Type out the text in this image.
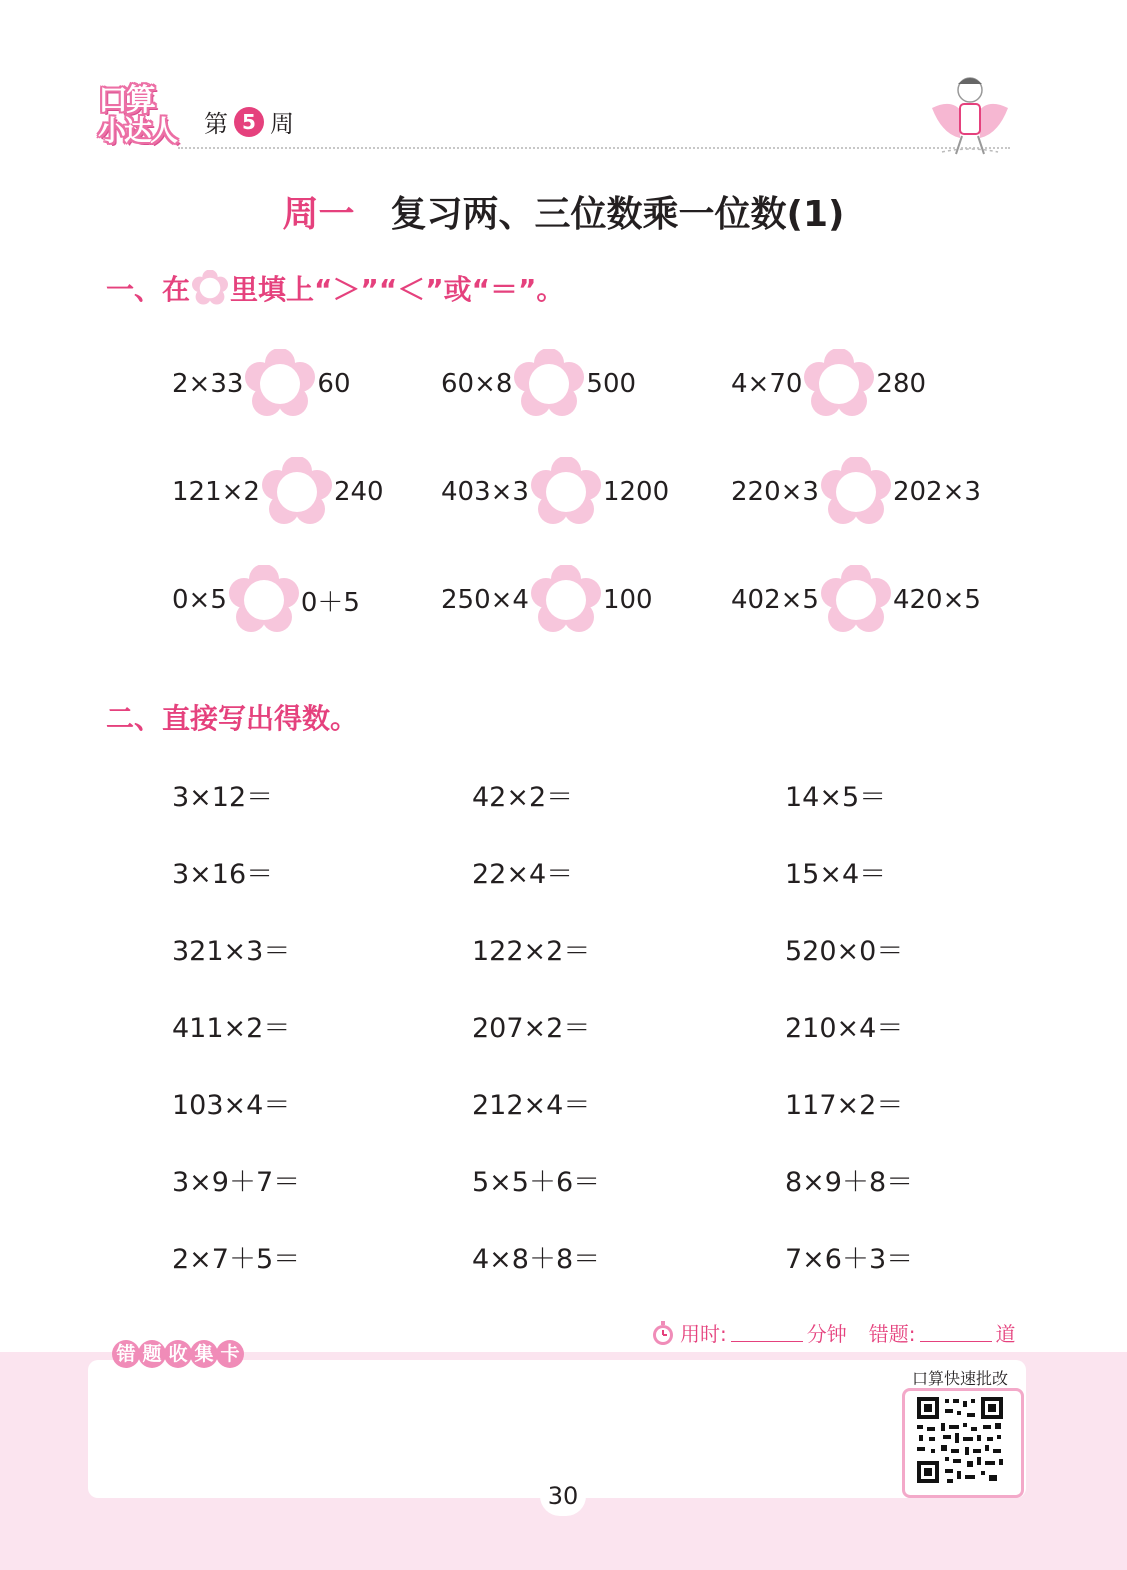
口算
小达人 第 5 周
周一 复习两、三位数乘一位数(1)
一、在 里填上“＞”“＜”或“＝”。
2×33	60	60×8	500	4×70	280
121×2	240 403×3	1200 220×3	202×3
0×5	0＋5	250×4	100	402×5	420×5
二、直接写出得数。
3×12＝	42×2＝	14×5＝
3×16＝	22×4＝	15×4＝
321×3＝	122×2＝	520×0＝
411×2＝	207×2＝	210×4＝
103×4＝	212×4＝	117×2＝
3×9＋7＝	5×5＋6＝	8×9＋8＝
2×7＋5＝	4×8＋8＝	7×6＋3＝
错 题 收 集 卡
用时:	分钟 错题:	道
口算快速批改
30
